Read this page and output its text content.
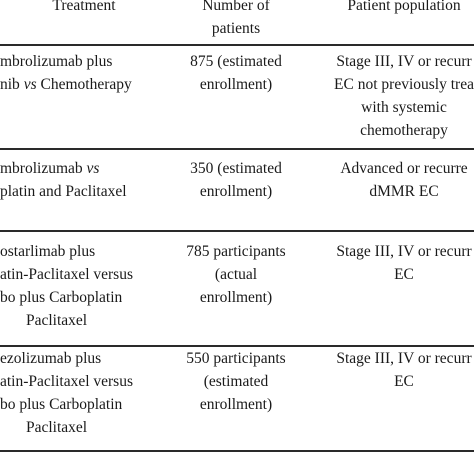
Treatment	Number of
patients
Patient population
mbrolizumab plus
nib vs Chemotherapy
875 (estimated
enrollment)
Stage III, IV or recurr
EC not previously trea
with systemic
chemotherapy
mbrolizumab vs
platin and Paclitaxel
350 (estimated
enrollment)
Advanced or recurre
dMMR EC
ostarlimab plus
atin-Paclitaxel versus
bo plus Carboplatin
Paclitaxel
785 participants
(actual
enrollment)
Stage III, IV or recurr
EC
ezolizumab plus
atin-Paclitaxel versus
bo plus Carboplatin
Paclitaxel
550 participants
(estimated
enrollment)
Stage III, IV or recurr
EC
